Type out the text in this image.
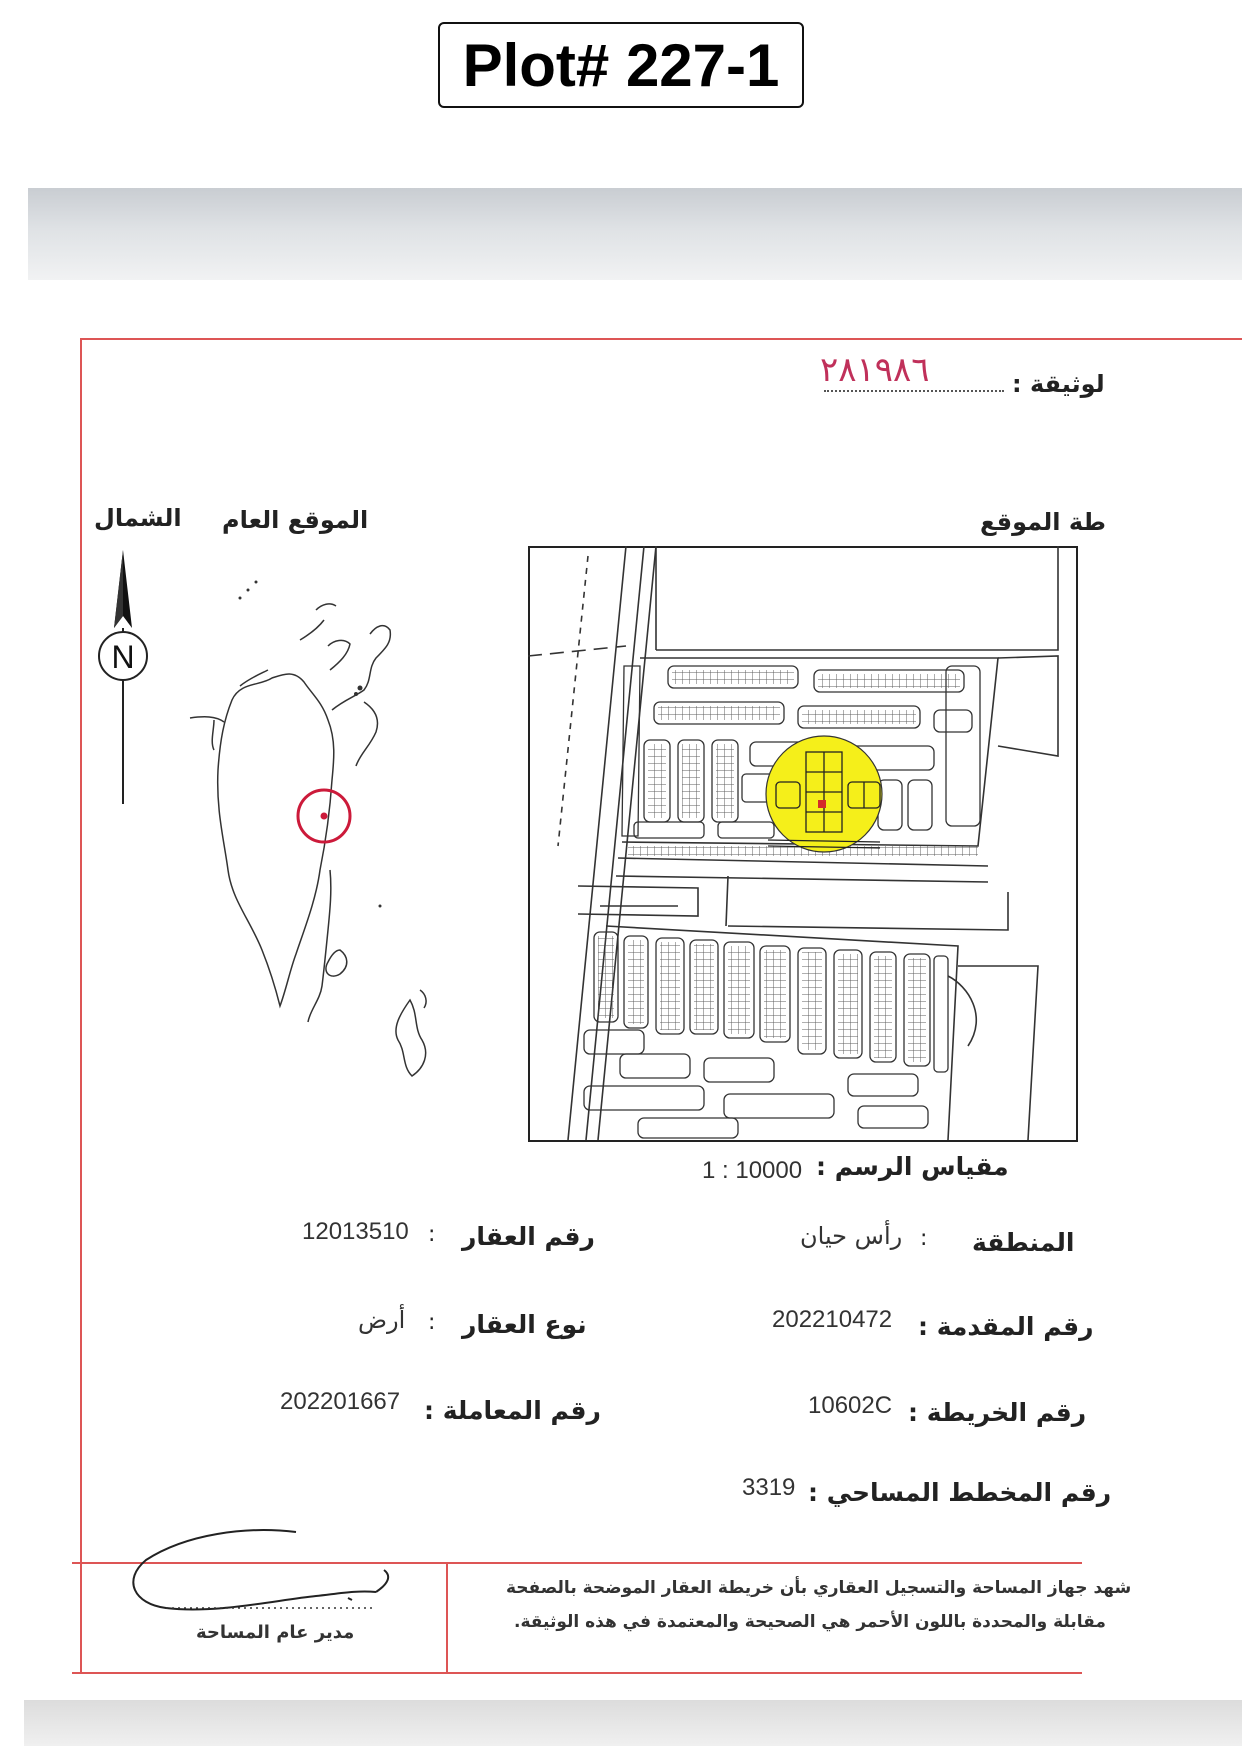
Plot# 227-1
لوثيقة :
٢٨١٩٨٦
طة الموقع
الموقع العام
الشمال
N
مقياس الرسم :
1 : 10000
المنطقة
:
رأس حيان
رقم العقار
:
12013510
رقم المقدمة :
202210472
نوع العقار
:
أرض
رقم الخريطة :
10602C
رقم المعاملة :
202201667
رقم المخطط المساحي :
3319
شهد جهاز المساحة والتسجيل العقاري بأن خريطة العقار الموضحة بالصفحة
مقابلة والمحددة باللون الأحمر هي الصحيحة والمعتمدة في هذه الوثيقة.
مدير عام المساحة
